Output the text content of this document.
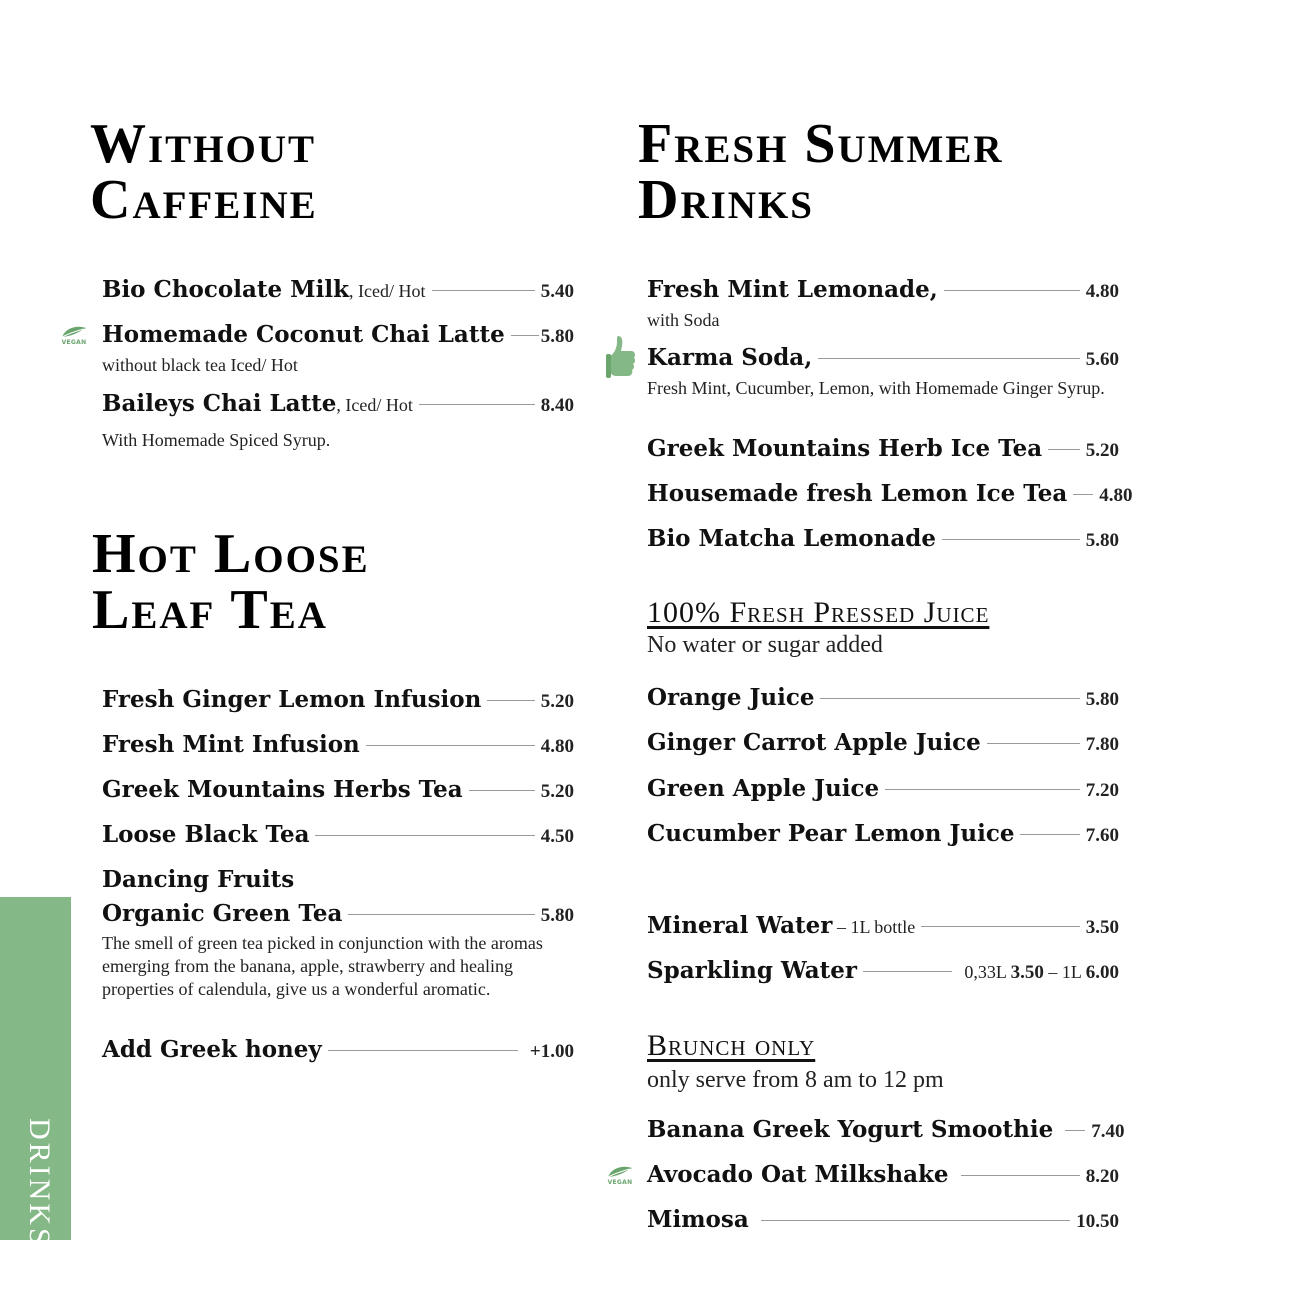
Without
Caffeine
Bio Chocolate Milk , Iced/ Hot	5.40
VEGAN Homemade Coconut Chai Latte 5.80
without black tea Iced/ Hot
Baileys Chai Latte , Iced/ Hot	8.40
With Homemade Spiced Syrup.
Hot Loose
Leaf Tea
Fresh Ginger Lemon Infusion	5.20
Fresh Mint Infusion	4.80
Greek Mountains Herbs Tea	5.20
Loose Black Tea	4.50
Dancing Fruits
Organic Green Tea	5.80
The smell of green tea picked in conjunction with the aromas emerging from the banana, apple, strawberry and healing properties of calendula, give us a wonderful aromatic.
Add Greek honey	+1.00
DRINKS
Fresh Summer
Drinks
Fresh Mint Lemonade,	4.80
with Soda
Karma Soda,	5.60
Fresh Mint, Cucumber, Lemon, with Homemade Ginger Syrup.
Greek Mountains Herb Ice Tea 5.20
Housemade fresh Lemon Ice Tea 4.80
Bio Matcha Lemonade	5.80
100% Fresh Pressed Juice
No water or sugar added
Orange Juice	5.80
Ginger Carrot Apple Juice	7.80
Green Apple Juice	7.20
Cucumber Pear Lemon Juice	7.60
Mineral Water – 1L bottle	3.50
Sparkling Water	0,33L 3.50 – 1L 6.00
Brunch only
only serve from 8 am to 12 pm
Banana Greek Yogurt Smoothie 7.40
VEGAN Avocado Oat Milkshake	8.20
Mimosa	10.50
